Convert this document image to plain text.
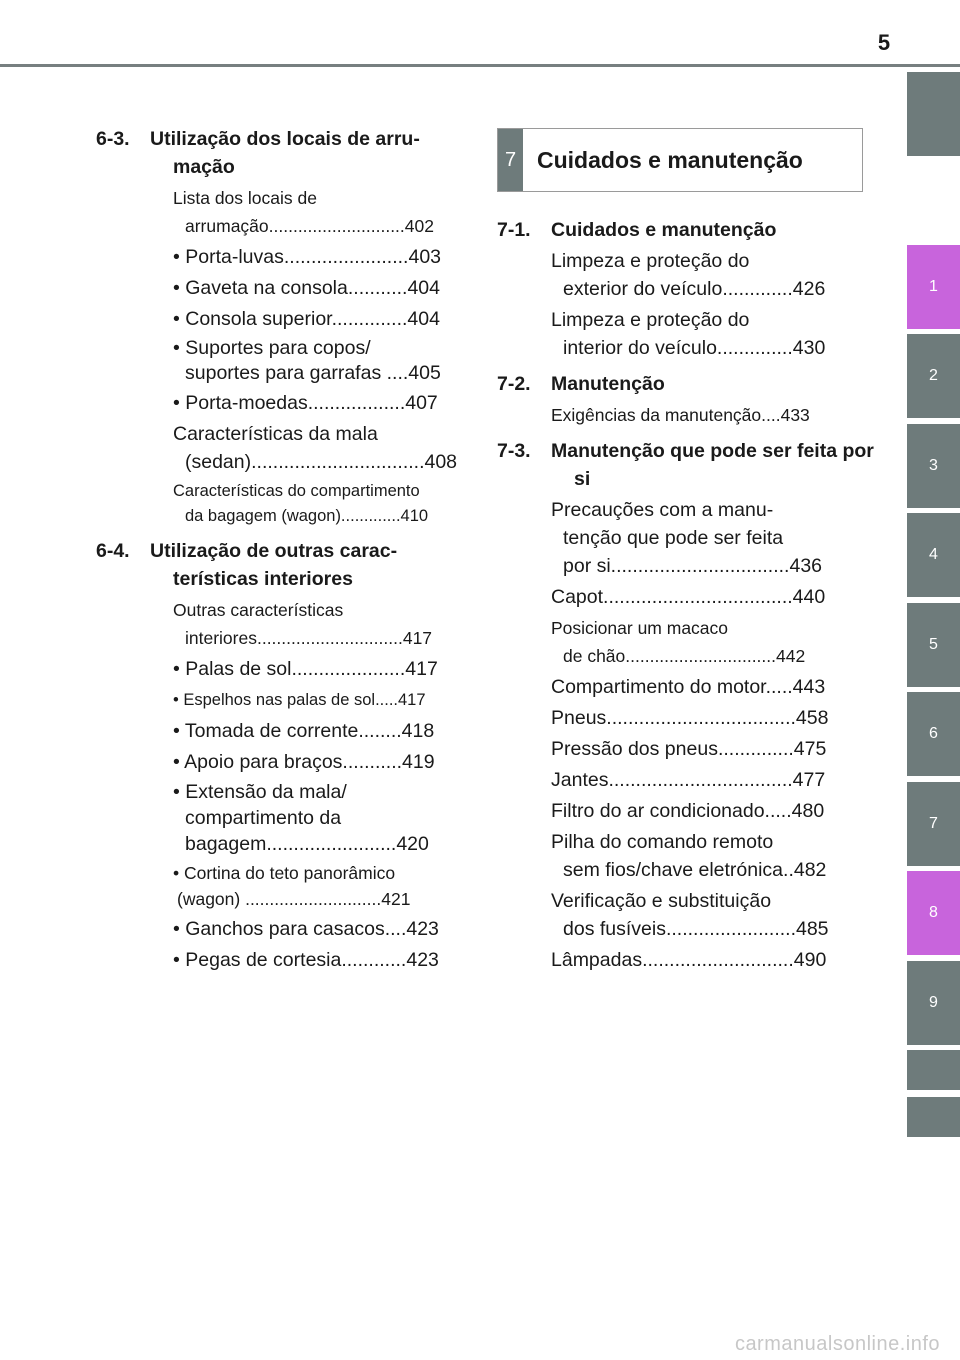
5
1
2
3
4
5
6
7
8
9
6-3.	Utilização dos locais de arru-mação
Lista dos locais de
arrumação............................402
• Porta-luvas.......................403
• Gaveta na consola...........404
• Consola superior..............404
• Suportes para copos/
suportes para garrafas ....405
• Porta-moedas..................407
Características da mala
(sedan)................................408
Características do compartimento
da bagagem (wagon).............410
6-4.	Utilização de outras carac-terísticas interiores
Outras características
interiores..............................417
• Palas de sol.....................417
• Espelhos nas palas de sol.....417
• Tomada de corrente........418
• Apoio para braços...........419
• Extensão da mala/
compartimento da
bagagem........................420
• Cortina do teto panorâmico
(wagon) ............................421
• Ganchos para casacos....423
• Pegas de cortesia............423
7 Cuidados e manutenção
7-1.	Cuidados e manutenção
Limpeza e proteção do
exterior do veículo.............426
Limpeza e proteção do
interior do veículo..............430
7-2.	Manutenção
Exigências da manutenção....433
7-3.	Manutenção que pode ser feita por si
Precauções com a manu-
tenção que pode ser feita
por si.................................436
Capot...................................440
Posicionar um macaco
de chão...............................442
Compartimento do motor.....443
Pneus...................................458
Pressão dos pneus..............475
Jantes..................................477
Filtro do ar condicionado.....480
Pilha do comando remoto
sem fios/chave eletrónica..482
Verificação e substituição
dos fusíveis........................485
Lâmpadas............................490
carmanualsonline.info
